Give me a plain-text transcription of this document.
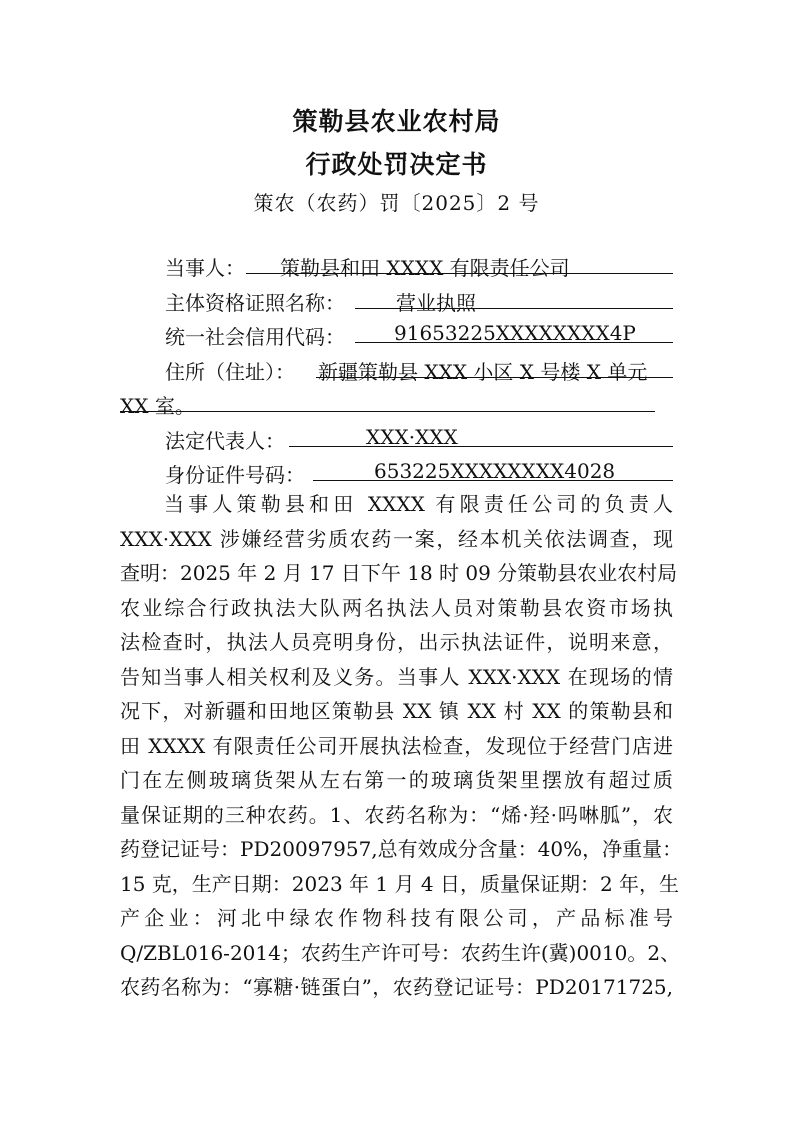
策勒县农业农村局
行政处罚决定书
策农（农药）罚〔2025〕2 号
当事人： 策勒县和田 XXXX 有限责任公司
主体资格证照名称：	营业执照
统一社会信用代码： 91653225XXXXXXXX4P
住所（住址）： 新疆策勒县 XXX 小区 X 号楼 X 单元
XX 室。
法定代表人：	XXX·XXX
身份证件号码：	653225XXXXXXXX4028
当事人策勒县和田 XXXX 有限责任公司的负责人
XXX·XXX 涉嫌经营劣质农药一案，经本机关依法调查，现
查明：2025 年 2 月 17 日下午 18 时 09 分策勒县农业农村局
农业综合行政执法大队两名执法人员对策勒县农资市场执
法检查时，执法人员亮明身份，出示执法证件，说明来意，
告知当事人相关权利及义务。当事人 XXX·XXX 在现场的情
况下，对新疆和田地区策勒县 XX 镇 XX 村 XX 的策勒县和
田 XXXX 有限责任公司开展执法检查，发现位于经营门店进
门在左侧玻璃货架从左右第一的玻璃货架里摆放有超过质
量保证期的三种农药。1、农药名称为：“烯·羟·吗啉胍”，农
药登记证号：PD20097957,总有效成分含量：40%，净重量：
15 克，生产日期：2023 年 1 月 4 日，质量保证期：2 年，生
产企业：河北中绿农作物科技有限公司，产品标准号
Q/ZBL016-2014；农药生产许可号：农药生许(冀)0010。2、
农药名称为：“寡糖·链蛋白”，农药登记证号：PD20171725,
